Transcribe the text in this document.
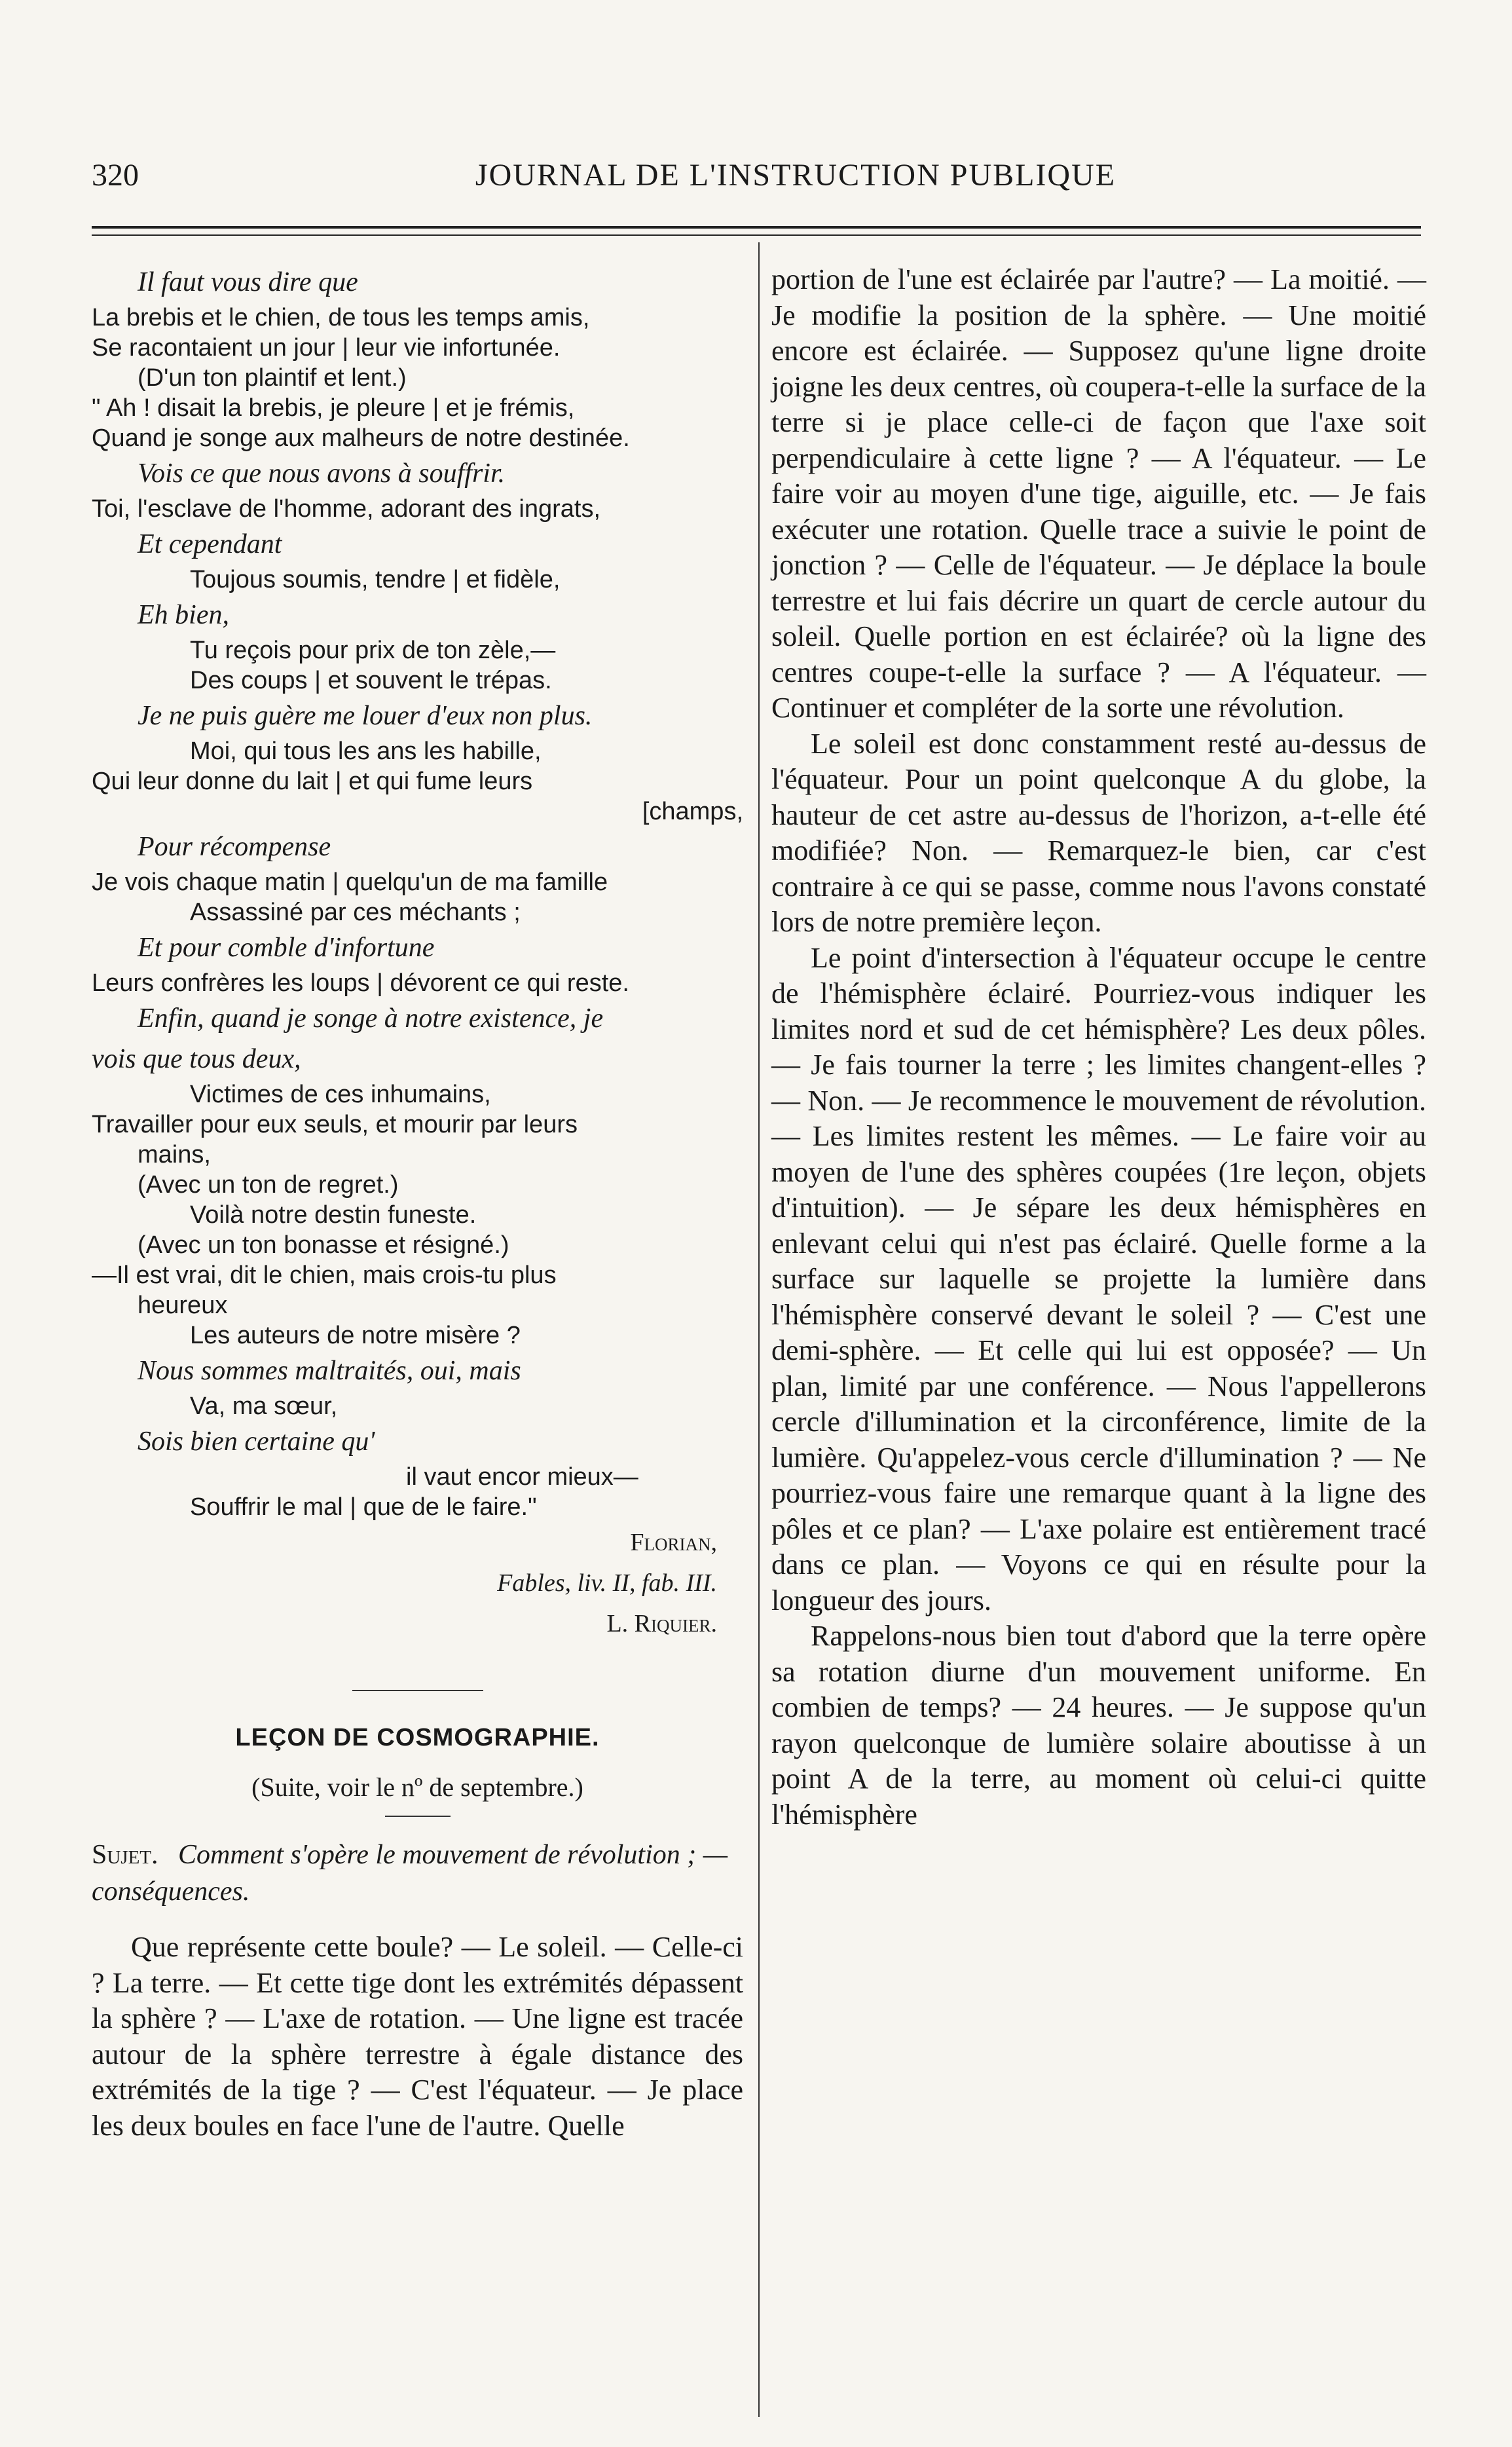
320	JOURNAL DE L'INSTRUCTION PUBLIQUE
Il faut vous dire que
La brebis et le chien, de tous les temps amis,
Se racontaient un jour | leur vie infortunée.
(D'un ton plaintif et lent.)
" Ah ! disait la brebis, je pleure | et je frémis,
Quand je songe aux malheurs de notre destinée.
Vois ce que nous avons à souffrir.
Toi, l'esclave de l'homme, adorant des ingrats,
Et cependant
Toujous soumis, tendre | et fidèle,
Eh bien,
Tu reçois pour prix de ton zèle,—
Des coups | et souvent le trépas.
Je ne puis guère me louer d'eux non plus.
Moi, qui tous les ans les habille,
Qui leur donne du lait | et qui fume leurs
[champs,
Pour récompense
Je vois chaque matin | quelqu'un de ma famille
Assassiné par ces méchants ;
Et pour comble d'infortune
Leurs confrères les loups | dévorent ce qui reste.
Enfin, quand je songe à notre existence, je
vois que tous deux,
Victimes de ces inhumains,
Travailler pour eux seuls, et mourir par leurs
mains,
(Avec un ton de regret.)
Voilà notre destin funeste.
(Avec un ton bonasse et résigné.)
—Il est vrai, dit le chien, mais crois-tu plus
heureux
Les auteurs de notre misère ?
Nous sommes maltraités, oui, mais
Va, ma sœur,
Sois bien certaine qu'
il vaut encor mieux—
Souffrir le mal | que de le faire."
Florian,
Fables, liv. II, fab. III.
L. Riquier.
LEÇON DE COSMOGRAPHIE.
(Suite, voir le nº de septembre.)
Sujet. Comment s'opère le mouvement de révolution ; —conséquences.

Que représente cette boule? — Le soleil. — Celle-ci ? La terre. — Et cette tige dont les extrémités dépassent la sphère ? — L'axe de rotation. — Une ligne est tracée autour de la sphère terrestre à égale distance des extrémités de la tige ? — C'est l'équateur. — Je place les deux boules en face l'une de l'autre. Quelle

portion de l'une est éclairée par l'autre? — La moitié. — Je modifie la position de la sphère. — Une moitié encore est éclairée. — Supposez qu'une ligne droite joigne les deux centres, où coupera-t-elle la surface de la terre si je place celle-ci de façon que l'axe soit perpendiculaire à cette ligne ? — A l'équateur. — Le faire voir au moyen d'une tige, aiguille, etc. — Je fais exécuter une rotation. Quelle trace a suivie le point de jonction ? — Celle de l'équateur. — Je déplace la boule terrestre et lui fais décrire un quart de cercle autour du soleil. Quelle portion en est éclairée? où la ligne des centres coupe-t-elle la surface ? — A l'équateur. — Continuer et compléter de la sorte une révolution.

Le soleil est donc constamment resté au-dessus de l'équateur. Pour un point quelconque A du globe, la hauteur de cet astre au-dessus de l'horizon, a-t-elle été modifiée? Non. — Remarquez-le bien, car c'est contraire à ce qui se passe, comme nous l'avons constaté lors de notre première leçon.

Le point d'intersection à l'équateur occupe le centre de l'hémisphère éclairé. Pourriez-vous indiquer les limites nord et sud de cet hémisphère? Les deux pôles. — Je fais tourner la terre ; les limites changent-elles ? — Non. — Je recommence le mouvement de révolution. — Les limites restent les mêmes. — Le faire voir au moyen de l'une des sphères coupées (1re leçon, objets d'intuition). — Je sépare les deux hémisphères en enlevant celui qui n'est pas éclairé. Quelle forme a la surface sur laquelle se projette la lumière dans l'hémisphère conservé devant le soleil ? — C'est une demi-sphère. — Et celle qui lui est opposée? — Un plan, limité par une conférence. — Nous l'appellerons cercle d'illumination et la circonférence, limite de la lumière. Qu'appelez-vous cercle d'illumination ? — Ne pourriez-vous faire une remarque quant à la ligne des pôles et ce plan? — L'axe polaire est entièrement tracé dans ce plan. — Voyons ce qui en résulte pour la longueur des jours.

Rappelons-nous bien tout d'abord que la terre opère sa rotation diurne d'un mouvement uniforme. En combien de temps? — 24 heures. — Je suppose qu'un rayon quelconque de lumière solaire aboutisse à un point A de la terre, au moment où celui-ci quitte l'hémisphère
